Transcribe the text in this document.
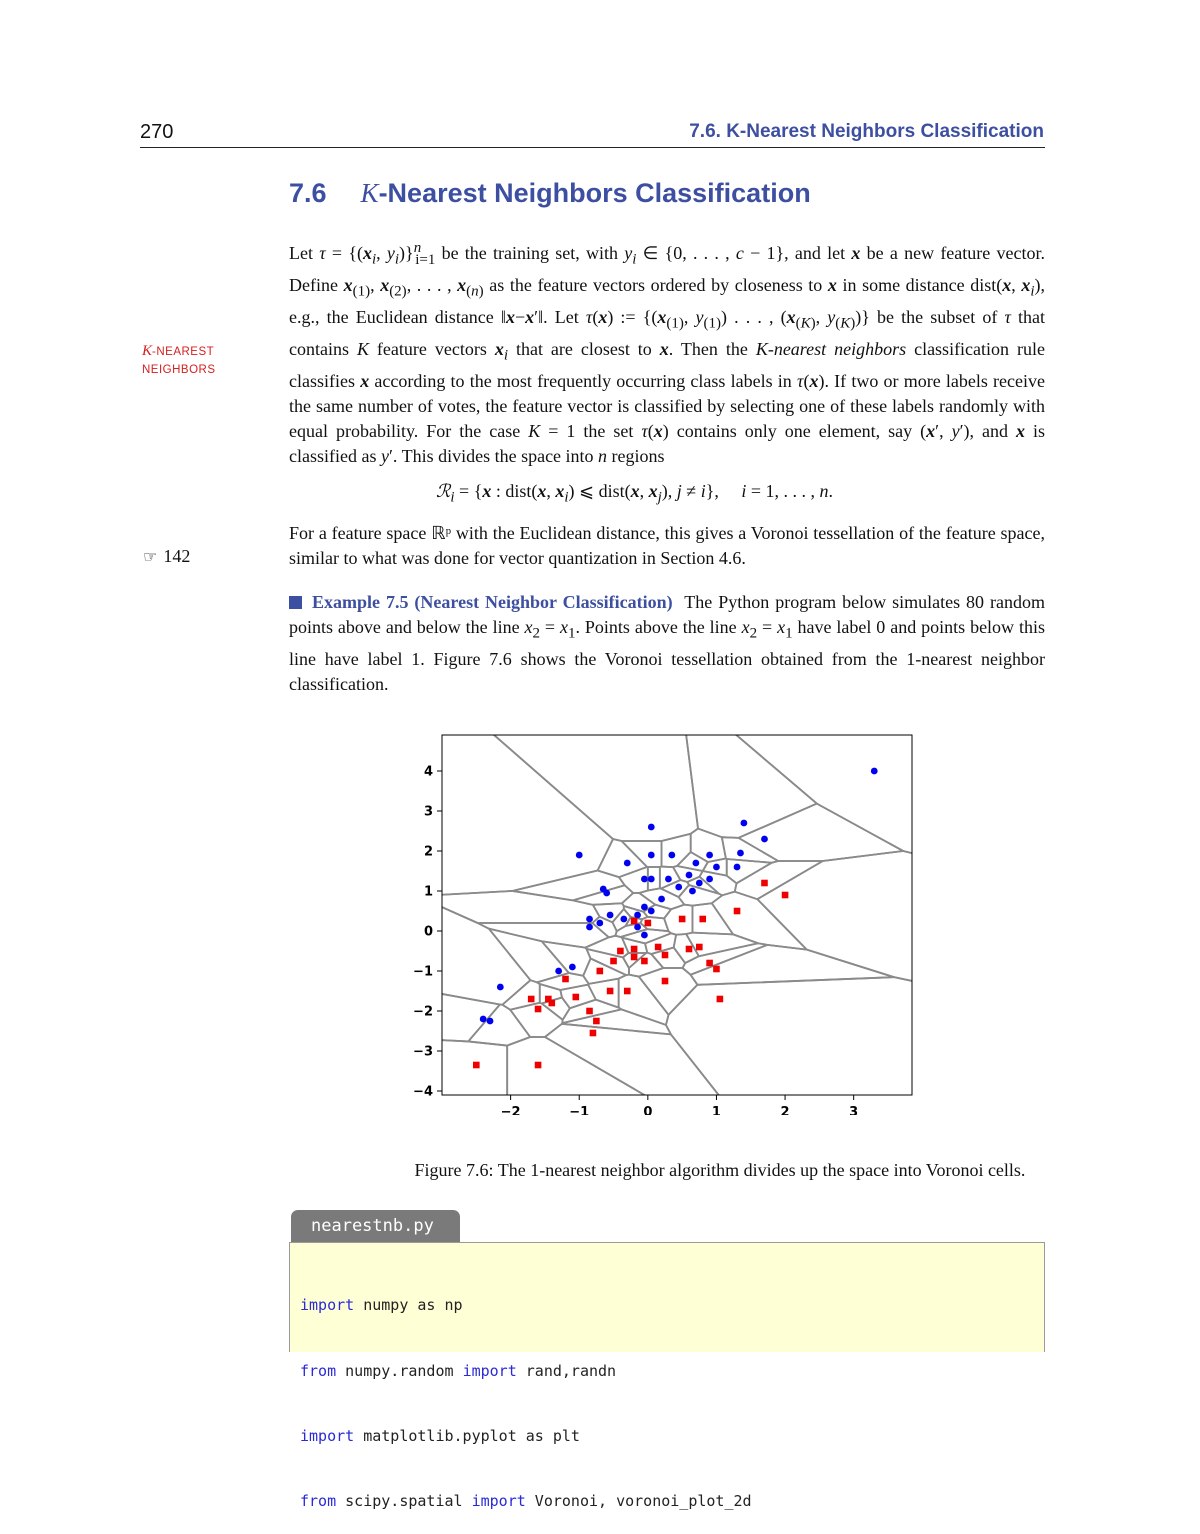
270	7.6. K-Nearest Neighbors Classification
7.6 K-Nearest Neighbors Classification
K-NEAREST
NEIGHBORS
Let $\tau = \{(x_i$, $y_i)\}^n_{i=1}$ be the training set, with $y_i$ ∈ {0, . . . , c − 1}, and let x be a new feature vector. Define $x_{(1)}$, $x_{(2)}$, . . . , $x_{(n)}$ as the feature vectors ordered by closeness to x in some distance dist(x, $x_i$), e.g., the Euclidean distance ‖x−x′‖. Let τ(x) := {($x_{(1)}$, $y_{(1)}$) . . . , ($x_{(K)}$, $y_{(K)}$)} be the subset of τ that contains K feature vectors $x_i$ that are closest to x. Then the K-nearest neighbors classification rule classifies x according to the most frequently occurring class labels in τ(x). If two or more labels receive the same number of votes, the feature vector is classified by selecting one of these labels randomly with equal probability. For the case K = 1 the set τ(x) contains only one element, say (x′, y′), and x is classified as y′. This divides the space into n regions
ℛ$_i$ = {x : dist(x, $x_i$) ⩽ dist(x, $x_j$), j ≠ i},     i = 1, . . . , n.
For a feature space ℝᵖ with the Euclidean distance, this gives a Voronoi tessellation of the feature space, similar to what was done for vector quantization in Section 4.6.
☞ 142
Example 7.5 (Nearest Neighbor Classification)  The Python program below simulates 80 random points above and below the line $x_2 = x_1$. Points above the line $x_2 = x_1$ have label 0 and points below this line have label 1. Figure 7.6 shows the Voronoi tessellation obtained from the 1-nearest neighbor classification.
−2	−1	0	1	2	3
4
3
2
1
0
−1
−2
−3
−4
Figure 7.6: The 1-nearest neighbor algorithm divides up the space into Voronoi cells.
nearestnb.py

import numpy as np

from numpy.random import rand,randn

import matplotlib.pyplot as plt

from scipy.spatial import Voronoi, voronoi_plot_2d
